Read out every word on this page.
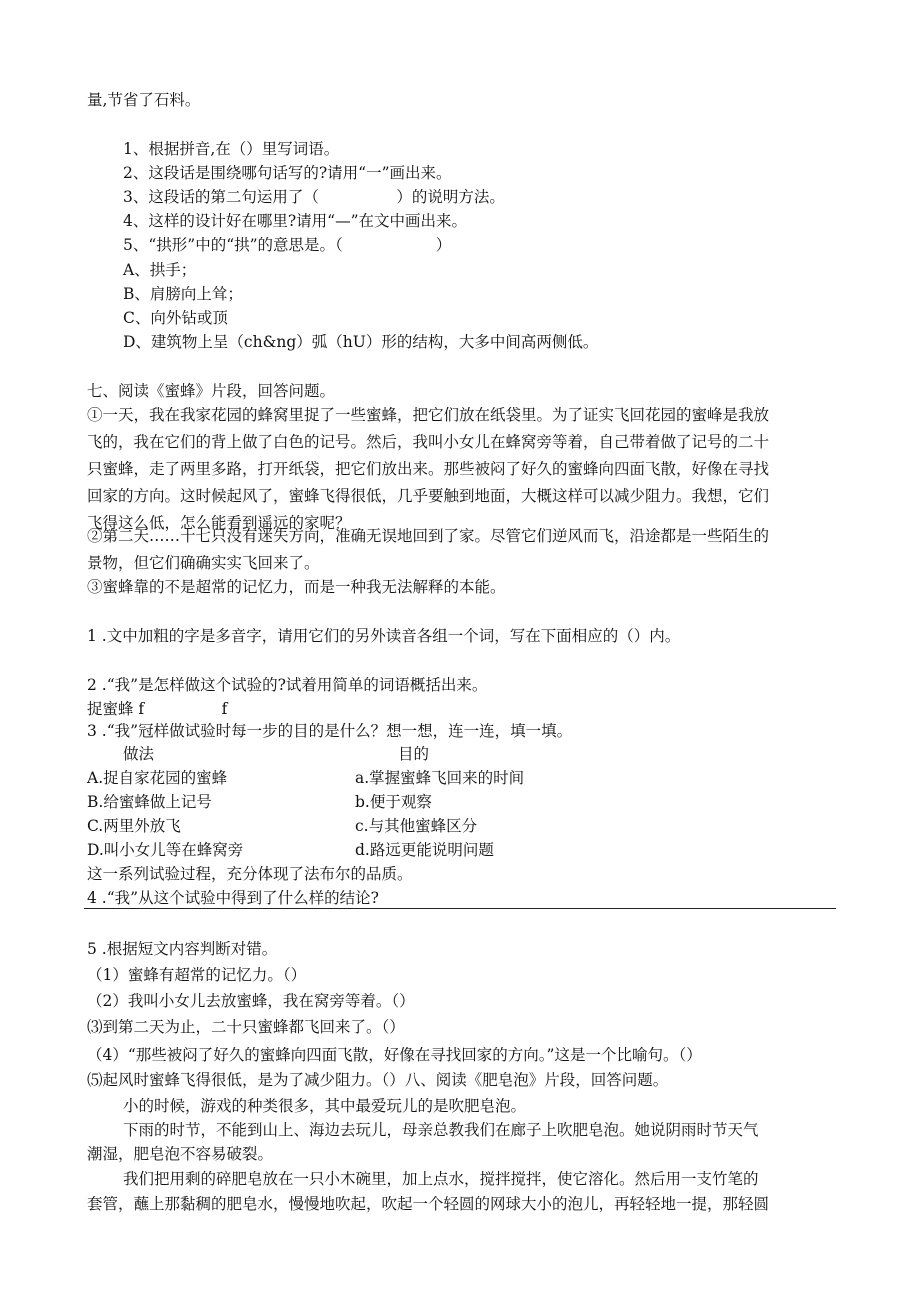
量,节省了石料。
1、根据拼音,在（）里写词语。
2、这段话是围绕哪句话写的?请用“一”画出来。
3、这段话的第二句运用了（　　　　　）的说明方法。
4、这样的设计好在哪里?请用“—”在文中画出来。
5、“拱形”中的“拱”的意思是。（　　　　　　）
A、拱手；
B、肩膀向上耸；
C、向外钻或顶
D、建筑物上呈（ch&ng）弧（hU）形的结构，大多中间高两侧低。
七、阅读《蜜蜂》片段，回答问题。
①一天，我在我家花园的蜂窝里捉了一些蜜蜂，把它们放在纸袋里。为了证实飞回花园的蜜峰是我放
飞的，我在它们的背上做了白色的记号。然后，我叫小女儿在蜂窝旁等着，自己带着做了记号的二十
只蜜蜂，走了两里多路，打开纸袋，把它们放出来。那些被闷了好久的蜜蜂向四面飞散，好像在寻找
回家的方向。这时候起风了，蜜蜂飞得很低，几乎要触到地面，大概这样可以减少阻力。我想，它们
飞得这么低，怎么能看到遥远的家呢？
②第二天……十七只没有迷失方向，准确无误地回到了家。尽管它们逆风而飞，沿途都是一些陌生的
景物，但它们确确实实飞回来了。
③蜜蜂靠的不是超常的记忆力，而是一种我无法解释的本能。
1 .文中加粗的字是多音字，请用它们的另外读音各组一个词，写在下面相应的（）内。
2 .“我”是怎样做这个试验的?试着用简单的词语概括出来。
捉蜜蜂 f　　　　　f
3 .“我”冠样做试验时每一步的目的是什么？想一想，连一连，填一填。
做法	目的
A.捉自家花园的蜜蜂	a.掌握蜜蜂飞回来的时间
B.给蜜蜂做上记号	b.便于观察
C.两里外放飞	c.与其他蜜蜂区分
D.叫小女儿等在蜂窝旁	d.路远更能说明问题
这一系列试验过程，充分体现了法布尔的品质。
4 .“我”从这个试验中得到了什么样的结论?
5 .根据短文内容判断对错。
（1）蜜蜂有超常的记忆力。（）
（2）我叫小女儿去放蜜蜂，我在窝旁等着。（）
⑶到第二天为止，二十只蜜蜂都飞回来了。（）
（4）“那些被闷了好久的蜜蜂向四面飞散，好像在寻找回家的方向。”这是一个比喻句。（）
⑸起风时蜜蜂飞得很低，是为了减少阻力。（）八、阅读《肥皂泡》片段，回答问题。
小的时候，游戏的种类很多，其中最爱玩儿的是吹肥皂泡。
下雨的时节，不能到山上、海边去玩儿，母亲总教我们在廊子上吹肥皂泡。她说阴雨时节天气
潮湿，肥皂泡不容易破裂。
我们把用剩的碎肥皂放在一只小木碗里，加上点水，搅拌搅拌，使它溶化。然后用一支竹笔的
套管，蘸上那黏稠的肥皂水，慢慢地吹起，吹起一个轻圆的网球大小的泡儿，再轻轻地一提，那轻圆
